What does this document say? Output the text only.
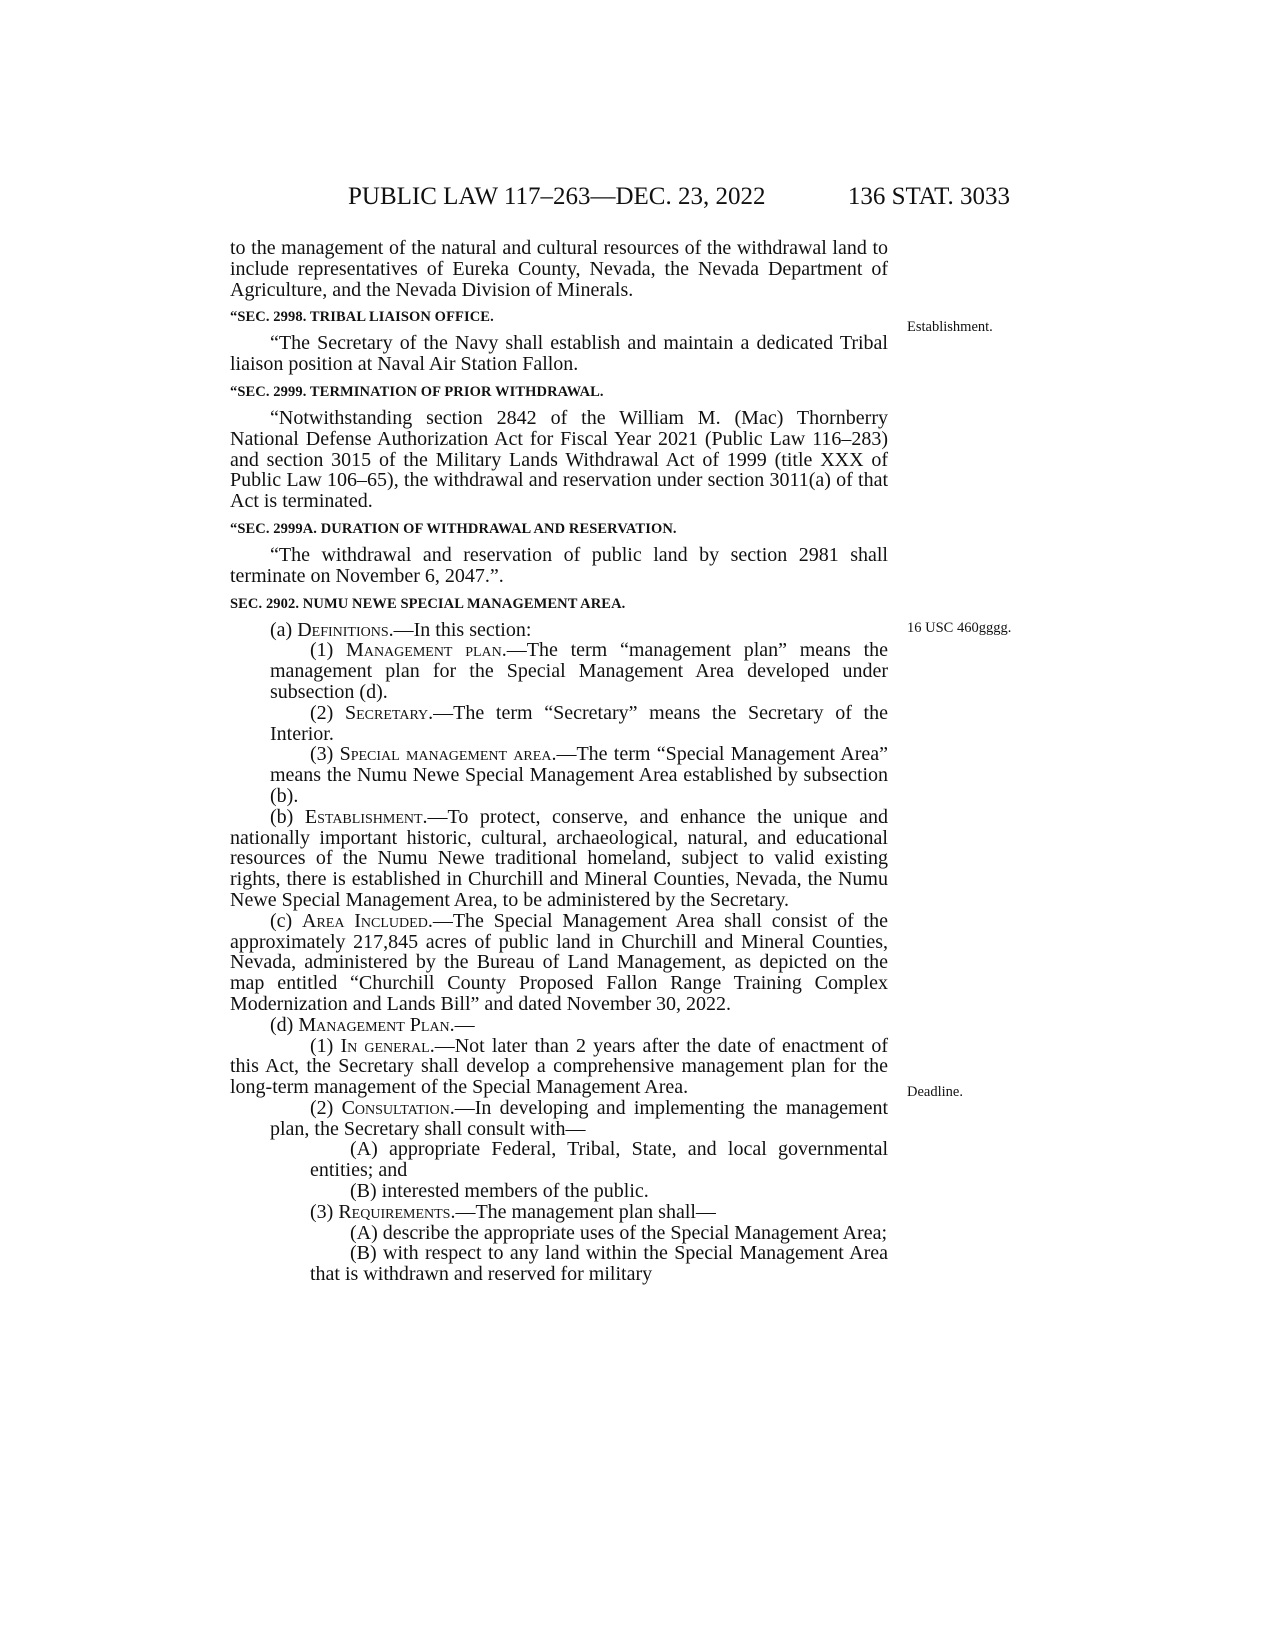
PUBLIC LAW 117–263—DEC. 23, 2022	136 STAT. 3033

to the management of the natural and cultural resources of the withdrawal land to include representatives of Eureka County, Nevada, the Nevada Department of Agriculture, and the Nevada Division of Minerals.

“SEC. 2998. TRIBAL LIAISON OFFICE.

“The Secretary of the Navy shall establish and maintain a dedicated Tribal liaison position at Naval Air Station Fallon.

“SEC. 2999. TERMINATION OF PRIOR WITHDRAWAL.

“Notwithstanding section 2842 of the William M. (Mac) Thornberry National Defense Authorization Act for Fiscal Year 2021 (Public Law 116–283) and section 3015 of the Military Lands Withdrawal Act of 1999 (title XXX of Public Law 106–65), the withdrawal and reservation under section 3011(a) of that Act is terminated.

“SEC. 2999A. DURATION OF WITHDRAWAL AND RESERVATION.

“The withdrawal and reservation of public land by section 2981 shall terminate on November 6, 2047.”.

SEC. 2902. NUMU NEWE SPECIAL MANAGEMENT AREA.

(a) Definitions.—In this section:

(1) Management plan.—The term “management plan” means the management plan for the Special Management Area developed under subsection (d).

(2) Secretary.—The term “Secretary” means the Secretary of the Interior.

(3) Special management area.—The term “Special Management Area” means the Numu Newe Special Management Area established by subsection (b).

(b) Establishment.—To protect, conserve, and enhance the unique and nationally important historic, cultural, archaeological, natural, and educational resources of the Numu Newe traditional homeland, subject to valid existing rights, there is established in Churchill and Mineral Counties, Nevada, the Numu Newe Special Management Area, to be administered by the Secretary.

(c) Area Included.—The Special Management Area shall consist of the approximately 217,845 acres of public land in Churchill and Mineral Counties, Nevada, administered by the Bureau of Land Management, as depicted on the map entitled “Churchill County Proposed Fallon Range Training Complex Modernization and Lands Bill” and dated November 30, 2022.

(d) Management Plan.—

(1) In general.—Not later than 2 years after the date of enactment of this Act, the Secretary shall develop a comprehensive management plan for the long-term management of the Special Management Area.

(2) Consultation.—In developing and implementing the management plan, the Secretary shall consult with—

(A) appropriate Federal, Tribal, State, and local governmental entities; and

(B) interested members of the public.

(3) Requirements.—The management plan shall—

(A) describe the appropriate uses of the Special Management Area;

(B) with respect to any land within the Special Management Area that is withdrawn and reserved for military

Establishment.
16 USC 460gggg.
Deadline.
